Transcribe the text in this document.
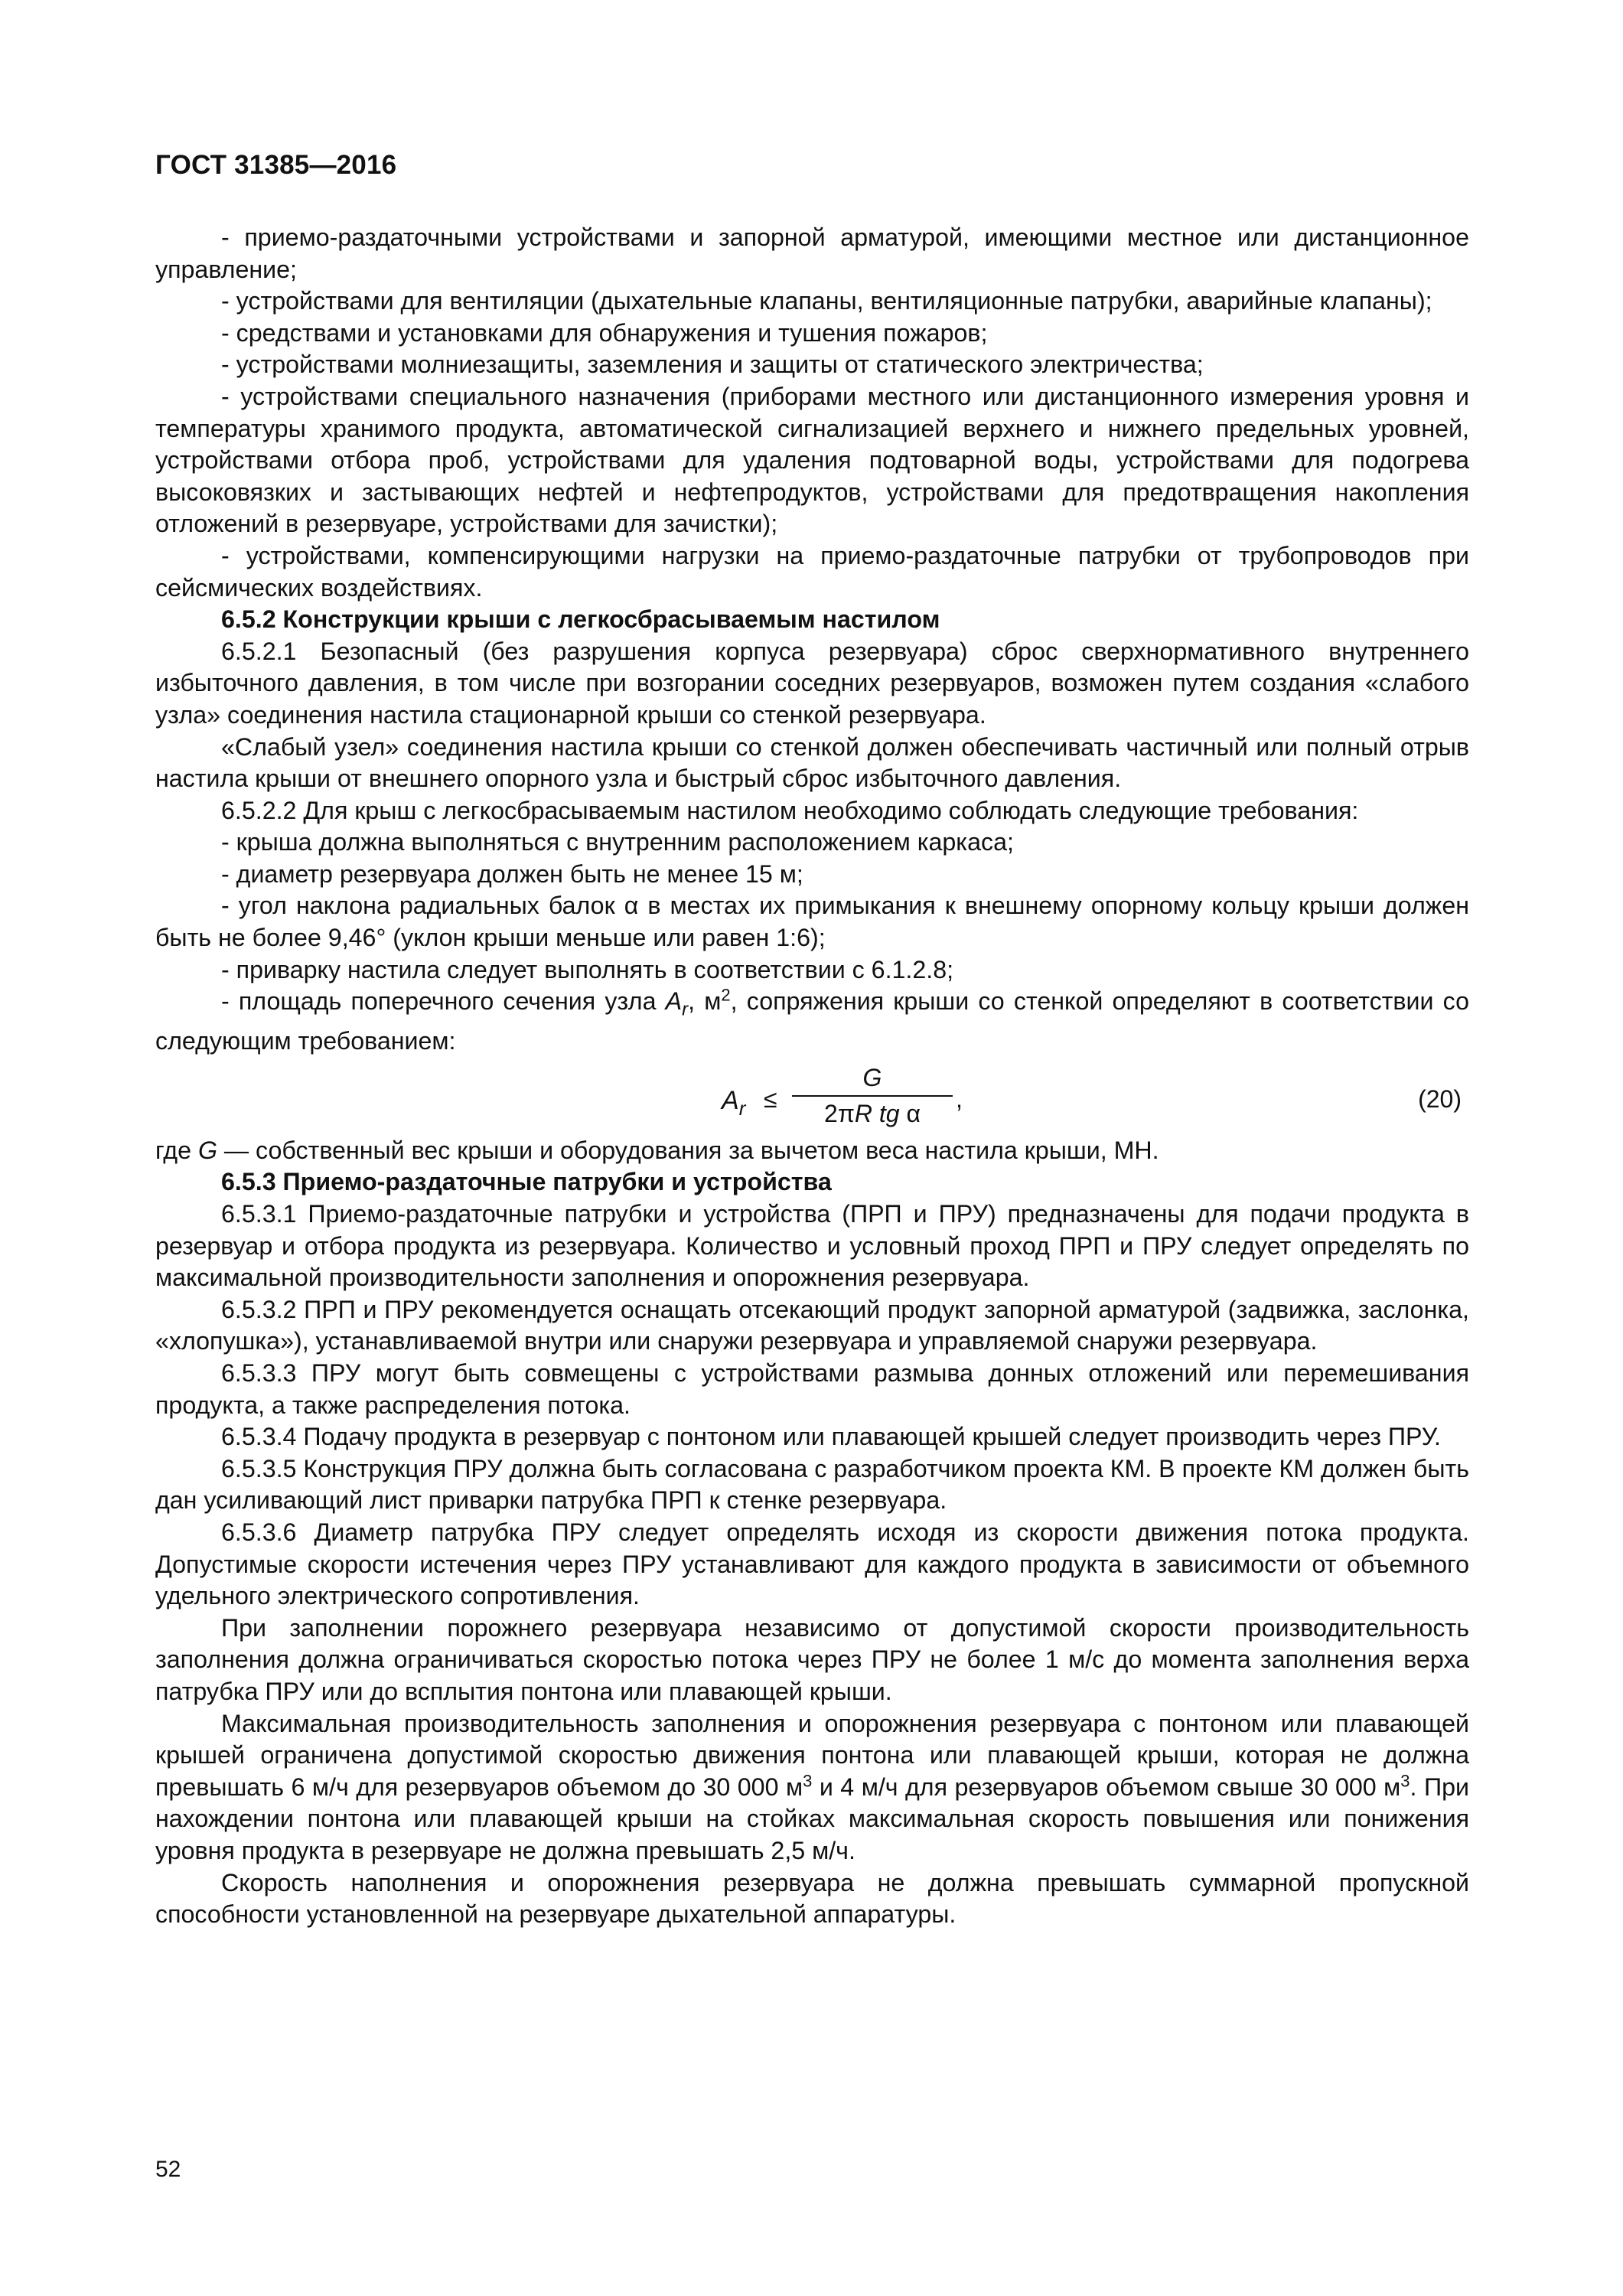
ГОСТ 31385—2016

- приемо-раздаточными устройствами и запорной арматурой, имеющими местное или дистанционное управление;

- устройствами для вентиляции (дыхательные клапаны, вентиляционные патрубки, аварийные клапаны);

- средствами и установками для обнаружения и тушения пожаров;

- устройствами молниезащиты, заземления и защиты от статического электричества;

- устройствами специального назначения (приборами местного или дистанционного измерения уровня и температуры хранимого продукта, автоматической сигнализацией верхнего и нижнего предельных уровней, устройствами отбора проб, устройствами для удаления подтоварной воды, устройствами для подогрева высоковязких и застывающих нефтей и нефтепродуктов, устройствами для предотвращения накопления отложений в резервуаре, устройствами для зачистки);

- устройствами, компенсирующими нагрузки на приемо-раздаточные патрубки от трубопроводов при сейсмических воздействиях.

6.5.2 Конструкции крыши с легкосбрасываемым настилом

6.5.2.1 Безопасный (без разрушения корпуса резервуара) сброс сверхнормативного внутреннего избыточного давления, в том числе при возгорании соседних резервуаров, возможен путем создания «слабого узла» соединения настила стационарной крыши со стенкой резервуара.

«Слабый узел» соединения настила крыши со стенкой должен обеспечивать частичный или полный отрыв настила крыши от внешнего опорного узла и быстрый сброс избыточного давления.

6.5.2.2 Для крыш с легкосбрасываемым настилом необходимо соблюдать следующие требования:

- крыша должна выполняться с внутренним расположением каркаса;

- диаметр резервуара должен быть не менее 15 м;

- угол наклона радиальных балок α в местах их примыкания к внешнему опорному кольцу крыши должен быть не более 9,46° (уклон крыши меньше или равен 1:6);

- приварку настила следует выполнять в соответствии с 6.1.2.8;

- площадь поперечного сечения узла $A_r$, $м^2$, сопряжения крыши со стенкой определяют в соответствии со следующим требованием:

$A_r \le \frac{G}{\text{2πR tg α}}$ ,	(20)

где G — собственный вес крыши и оборудования за вычетом веса настила крыши, МН.

6.5.3 Приемо-раздаточные патрубки и устройства

6.5.3.1 Приемо-раздаточные патрубки и устройства (ПРП и ПРУ) предназначены для подачи продукта в резервуар и отбора продукта из резервуара. Количество и условный проход ПРП и ПРУ следует определять по максимальной производительности заполнения и опорожнения резервуара.

6.5.3.2 ПРП и ПРУ рекомендуется оснащать отсекающий продукт запорной арматурой (задвижка, заслонка, «хлопушка»), устанавливаемой внутри или снаружи резервуара и управляемой снаружи резервуара.

6.5.3.3 ПРУ могут быть совмещены с устройствами размыва донных отложений или перемешивания продукта, а также распределения потока.

6.5.3.4 Подачу продукта в резервуар с понтоном или плавающей крышей следует производить через ПРУ.

6.5.3.5 Конструкция ПРУ должна быть согласована с разработчиком проекта КМ. В проекте КМ должен быть дан усиливающий лист приварки патрубка ПРП к стенке резервуара.

6.5.3.6 Диаметр патрубка ПРУ следует определять исходя из скорости движения потока продукта. Допустимые скорости истечения через ПРУ устанавливают для каждого продукта в зависимости от объемного удельного электрического сопротивления.

При заполнении порожнего резервуара независимо от допустимой скорости производительность заполнения должна ограничиваться скоростью потока через ПРУ не более 1 м/с до момента заполнения верха патрубка ПРУ или до всплытия понтона или плавающей крыши.

Максимальная производительность заполнения и опорожнения резервуара с понтоном или плавающей крышей ограничена допустимой скоростью движения понтона или плавающей крыши, которая не должна превышать 6 м/ч для резервуаров объемом до 30 000 $м^3$ и 4 м/ч для резервуаров объемом свыше 30 000 $м^3$. При нахождении понтона или плавающей крыши на стойках максимальная скорость повышения или понижения уровня продукта в резервуаре не должна превышать 2,5 м/ч.

Скорость наполнения и опорожнения резервуара не должна превышать суммарной пропускной способности установленной на резервуаре дыхательной аппаратуры.

52
